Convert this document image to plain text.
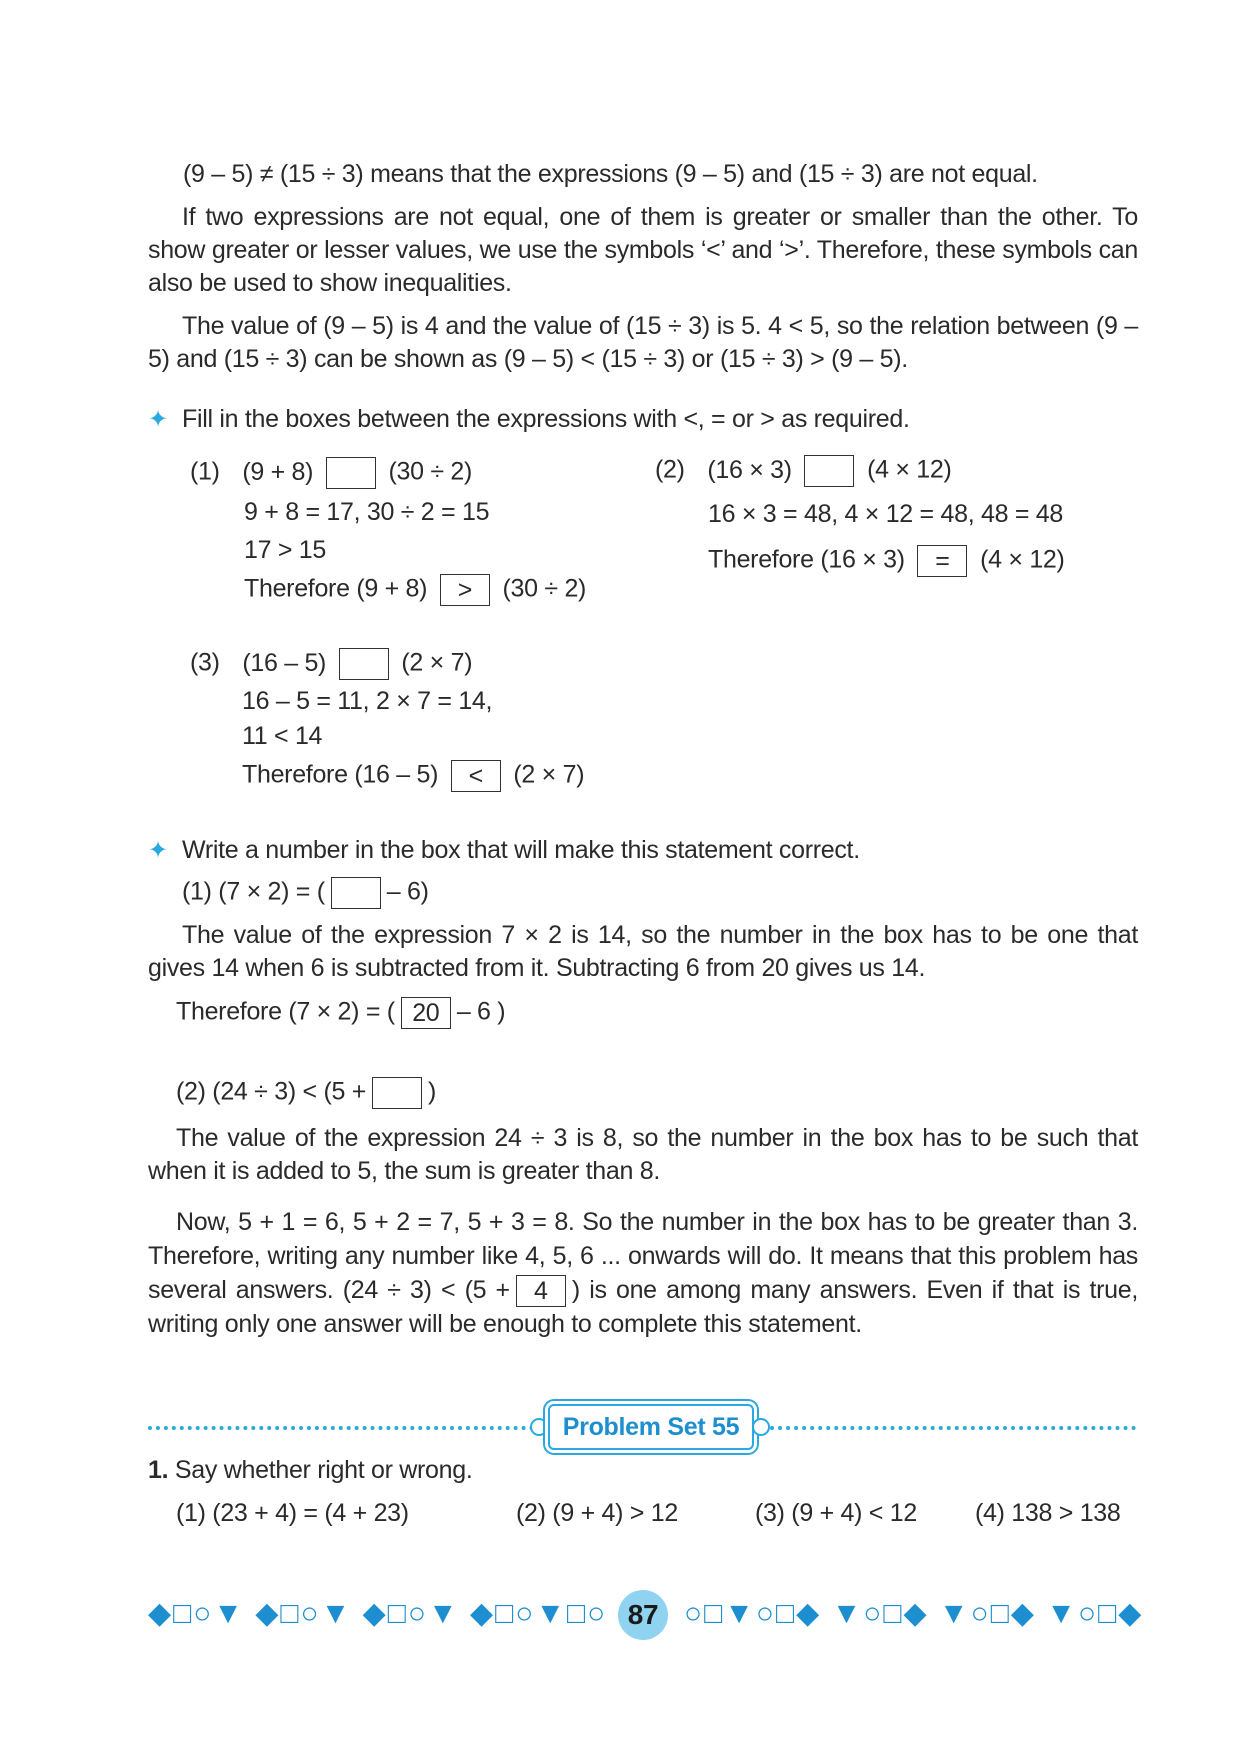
(9 – 5) ≠ (15 ÷ 3) means that the expressions (9 – 5) and (15 ÷ 3) are not equal.
If two expressions are not equal, one of them is greater or smaller than the other. To show greater or lesser values, we use the symbols ‘<’ and ‘>’. Therefore, these symbols can also be used to show inequalities.
The value of (9 – 5) is 4 and the value of (15 ÷ 3) is 5. 4 < 5, so the relation between (9 – 5) and (15 ÷ 3) can be shown as (9 – 5) < (15 ÷ 3) or (15 ÷ 3) > (9 – 5).
✦ Fill in the boxes between the expressions with <, = or > as required.
(1) (9 + 8)	(30 ÷ 2)
9 + 8 = 17, 30 ÷ 2 = 15
17 > 15
Therefore (9 + 8) > (30 ÷ 2)
(2) (16 × 3)	(4 × 12)
16 × 3 = 48, 4 × 12 = 48, 48 = 48
Therefore (16 × 3) = (4 × 12)
(3) (16 – 5)	(2 × 7)
16 – 5 = 11, 2 × 7 = 14,
11 < 14
Therefore (16 – 5) < (2 × 7)
✦ Write a number in the box that will make this statement correct.
(1) (7 × 2) = ( – 6)
The value of the expression 7 × 2 is 14, so the number in the box has to be one that gives 14 when 6 is subtracted from it. Subtracting 6 from 20 gives us 14.
Therefore (7 × 2) = ( 20 – 6 )
(2) (24 ÷ 3) < (5 + )
The value of the expression 24 ÷ 3 is 8, so the number in the box has to be such that when it is added to 5, the sum is greater than 8.
Now, 5 + 1 = 6, 5 + 2 = 7, 5 + 3 = 8. So the number in the box has to be greater than 3. Therefore, writing any number like 4, 5, 6 ... onwards will do. It means that this problem has several answers. (24 ÷ 3) < (5 + 4 ) is one among many answers. Even if that is true, writing only one answer will be enough to complete this statement.
Problem Set 55
1. Say whether right or wrong.
(1) (23 + 4) = (4 + 23)	(2) (9 + 4) > 12	(3) (9 + 4) < 12 (4) 138 > 138
◆□○▼ ◆□○▼ ◆□○▼ ◆□○▼□○ 87 ○□▼○□◆ ▼○□◆ ▼○□◆ ▼○□◆
